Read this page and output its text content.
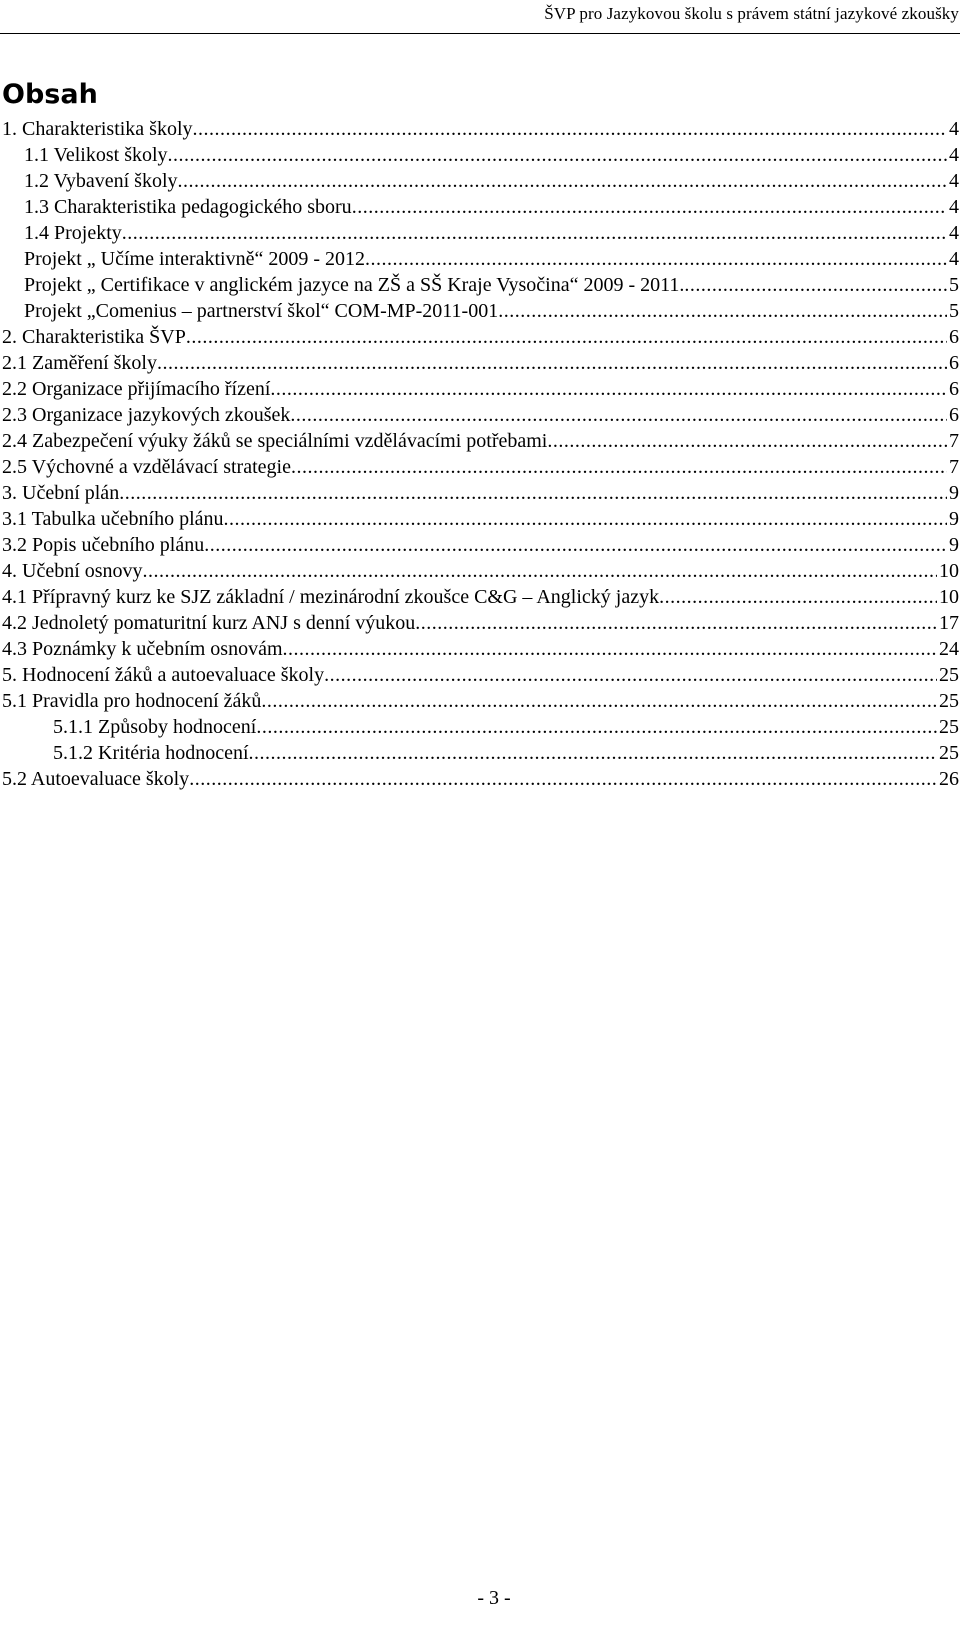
ŠVP pro Jazykovou školu s právem státní jazykové zkoušky
Obsah
1. Charakteristika školy .....	4
1.1 Velikost školy .....	4
1.2 Vybavení školy .....	4
1.3 Charakteristika pedagogického sboru .....	4
1.4 Projekty .....	4
Projekt „ Učíme interaktivně“ 2009 - 2012 .....	4
Projekt „ Certifikace v anglickém jazyce na ZŠ a SŠ Kraje Vysočina“ 2009 - 2011. .....	5
Projekt „Comenius – partnerství škol“ COM-MP-2011-001 .....	5
2. Charakteristika ŠVP .....	6
2.1 Zaměření školy .....	6
2.2 Organizace přijímacího řízení .....	6
2.3 Organizace jazykových zkoušek .....	6
2.4 Zabezpečení výuky žáků se speciálními vzdělávacími potřebami .....	7
2.5 Výchovné a vzdělávací strategie .....	7
3. Učební plán .....	9
3.1 Tabulka učebního plánu .....	9
3.2 Popis učebního plánu .....	9
4. Učební osnovy .....	10
4.1 Přípravný kurz ke SJZ základní / mezinárodní zkoušce C&G – Anglický jazyk .....	10
4.2 Jednoletý pomaturitní kurz ANJ s denní výukou .....	17
4.3 Poznámky k učebním osnovám .....	24
5. Hodnocení žáků a autoevaluace školy .....	25
5.1 Pravidla pro hodnocení žáků .....	25
5.1.1 Způsoby hodnocení .....	25
5.1.2 Kritéria hodnocení .....	25
5.2 Autoevaluace školy .....	26
- 3 -
